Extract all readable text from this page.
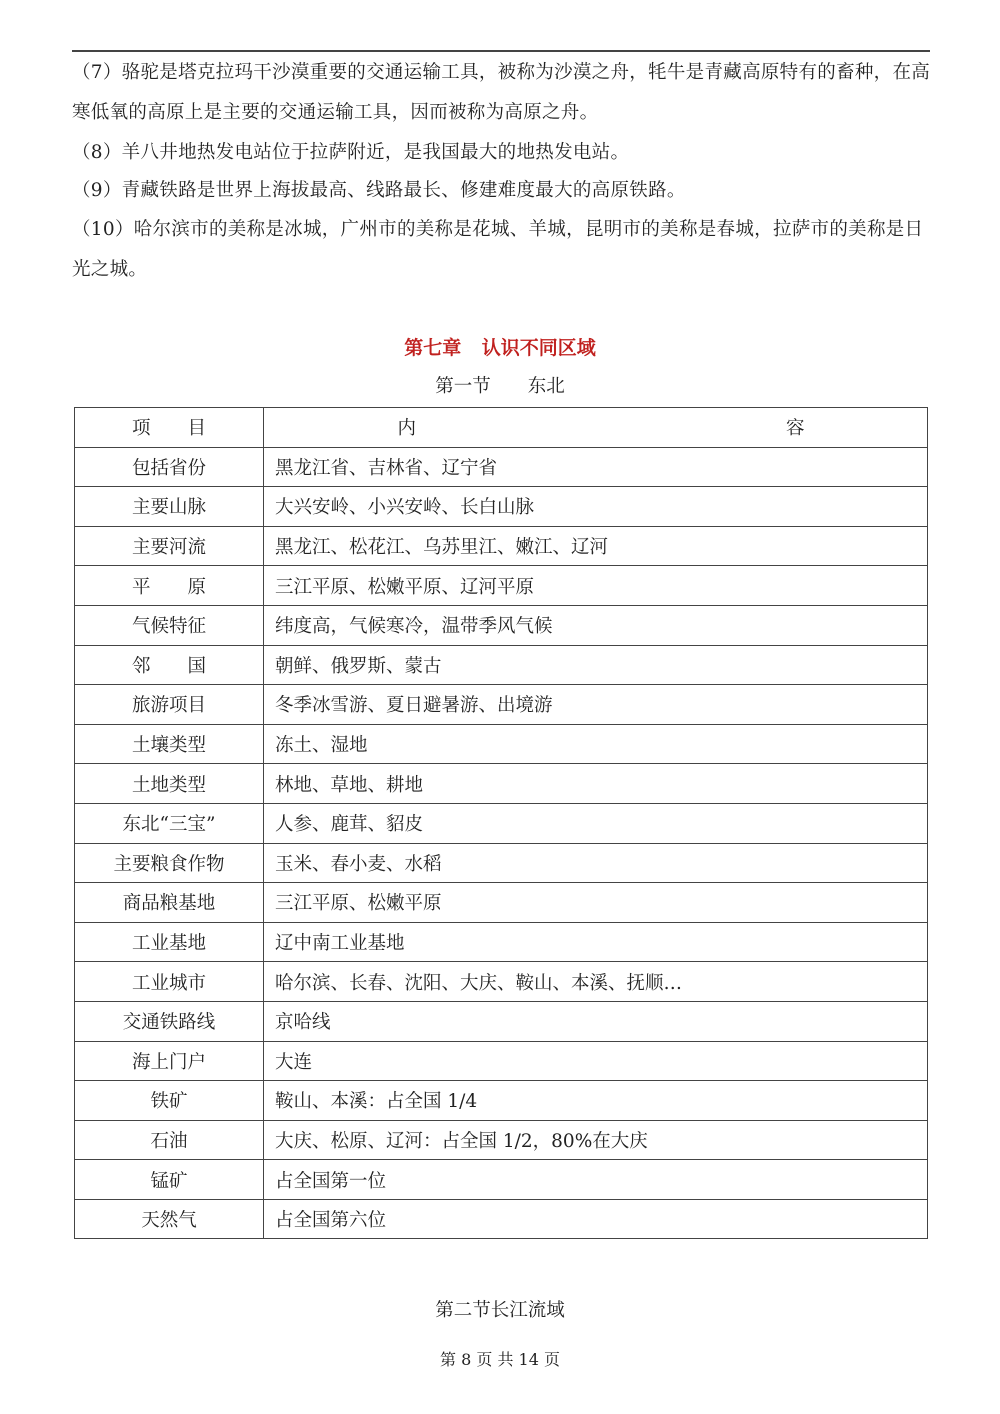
（7）骆驼是塔克拉玛干沙漠重要的交通运输工具，被称为沙漠之舟，牦牛是青藏高原特有的畜种，在高寒低氧的高原上是主要的交通运输工具，因而被称为高原之舟。
（8）羊八井地热发电站位于拉萨附近，是我国最大的地热发电站。
（9）青藏铁路是世界上海拔最高、线路最长、修建难度最大的高原铁路。
（10）哈尔滨市的美称是冰城，广州市的美称是花城、羊城，昆明市的美称是春城，拉萨市的美称是日光之城。
第七章 认识不同区域
第一节　　东北
项　　目	内　　　　　　　　　　　　　　　　　　　　容
包括省份	黑龙江省、吉林省、辽宁省
主要山脉	大兴安岭、小兴安岭、长白山脉
主要河流	黑龙江、松花江、乌苏里江、嫩江、辽河
平　　原	三江平原、松嫩平原、辽河平原
气候特征	纬度高，气候寒冷，温带季风气候
邻　　国	朝鲜、俄罗斯、蒙古
旅游项目	冬季冰雪游、夏日避暑游、出境游
土壤类型	冻土、湿地
土地类型	林地、草地、耕地
东北“三宝”	人参、鹿茸、貂皮
主要粮食作物	玉米、春小麦、水稻
商品粮基地	三江平原、松嫩平原
工业基地	辽中南工业基地
工业城市	哈尔滨、长春、沈阳、大庆、鞍山、本溪、抚顺…
交通铁路线	京哈线
海上门户	大连
铁矿	鞍山、本溪：占全国 1/4
石油	大庆、松原、辽河：占全国 1/2，80%在大庆
锰矿	占全国第一位
天然气	占全国第六位
第二节长江流域
第 8 页 共 14 页
